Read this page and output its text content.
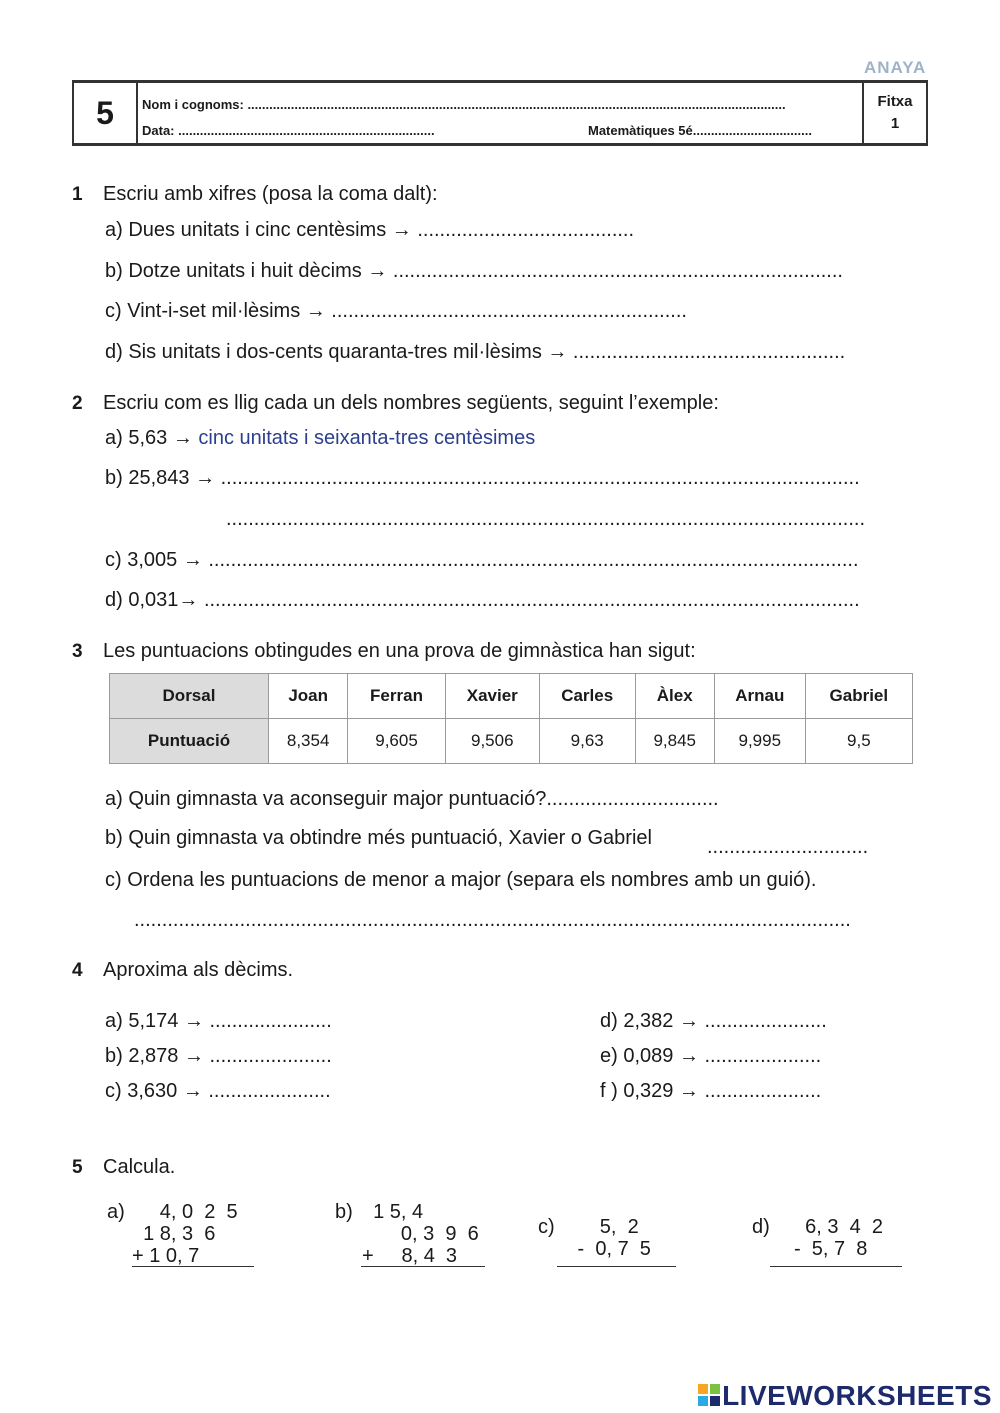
ANAYA
5	Nom i cognoms: .....................................................................................................................................................
Data: .......................................................................	Matemàtiques 5é.................................
Fitxa
1
1 Escriu amb xifres (posa la coma dalt):
a) Dues unitats i cinc centèsims → .......................................
b) Dotze unitats i huit dècims → .................................................................................
c) Vint-i-set mil·lèsims → ................................................................
d) Sis unitats i dos-cents quaranta-tres mil·lèsims → .................................................
2 Escriu com es llig cada un dels nombres següents, seguint l’exemple:
a) 5,63 → cinc unitats i seixanta-tres centèsimes
b) 25,843 → ...................................................................................................................
...................................................................................................................
c) 3,005 → .....................................................................................................................
d) 0,031→ ......................................................................................................................
3 Les puntuacions obtingudes en una prova de gimnàstica han sigut:
Dorsal	Joan	Ferran	Xavier	Carles	Àlex	Arnau	Gabriel
Puntuació	8,354	9,605	9,506	9,63	9,845	9,995	9,5
a) Quin gimnasta va aconseguir major puntuació?...............................
b) Quin gimnasta va obtindre més puntuació, Xavier o Gabriel	.............................
c) Ordena les puntuacions de menor a major (separa els nombres amb un guió).
.................................................................................................................................
4 Aproxima als dècims.
a) 5,174 → ......................
b) 2,878 → ......................
c) 3,630 → ......................
d) 2,382 → ......................
e) 0,089 → .....................
f ) 0,329 → .....................
5 Calcula.
a)	4, 0  2  5
1 8, 3  6
+ 1 0, 7
b)	1 5, 4
0, 3  9  6
+     8, 4  3
c)	5,  2
-  0, 7  5
d)	6, 3  4  2
-  5, 7  8
LIVEWORKSHEETS
